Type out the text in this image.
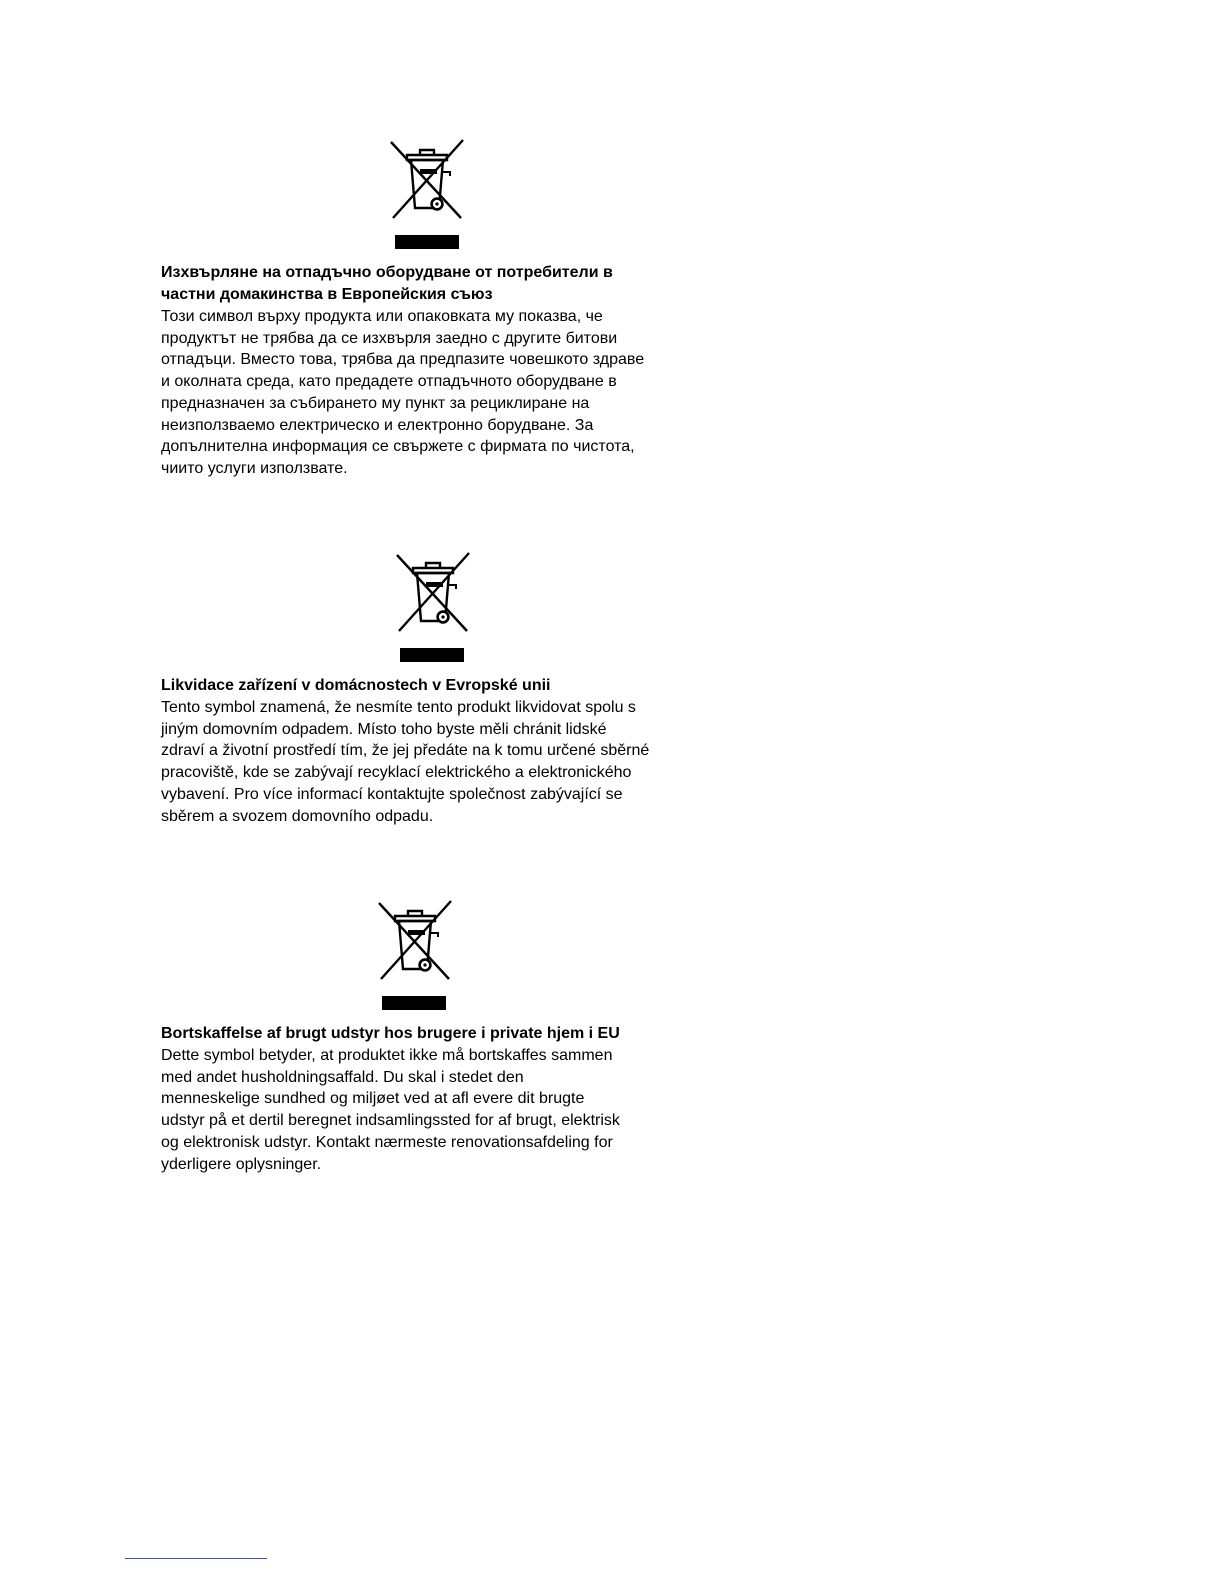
Изхвърляне на отпадъчно оборудване от потребители в
частни домакинства в Европейския съюз
Този символ върху продукта или опаковката му показва, че
продуктът не трябва да се изхвърля заедно с другите битови
отпадъци. Вместо това, трябва да предпазите човешкото здраве
и околната среда, като предадете отпадъчното оборудване в
предназначен за събирането му пункт за рециклиране на
неизползваемо електрическо и електронно борудване. За
допълнителна информация се свържете с фирмата по чистота,
чиито услуги използвате.
Likvidace zařízení v domácnostech v Evropské unii
Tento symbol znamená, že nesmíte tento produkt likvidovat spolu s
jiným domovním odpadem. Místo toho byste měli chránit lidské
zdraví a životní prostředí tím, že jej předáte na k tomu určené sběrné
pracoviště, kde se zabývají recyklací elektrického a elektronického
vybavení. Pro více informací kontaktujte společnost zabývající se
sběrem a svozem domovního odpadu.
Bortskaffelse af brugt udstyr hos brugere i private hjem i EU
Dette symbol betyder, at produktet ikke må bortskaffes sammen
med andet husholdningsaffald. Du skal i stedet den
menneskelige sundhed og miljøet ved at afl evere dit brugte
udstyr på et dertil beregnet indsamlingssted for af brugt, elektrisk
og elektronisk udstyr. Kontakt nærmeste renovationsafdeling for
yderligere oplysninger.
